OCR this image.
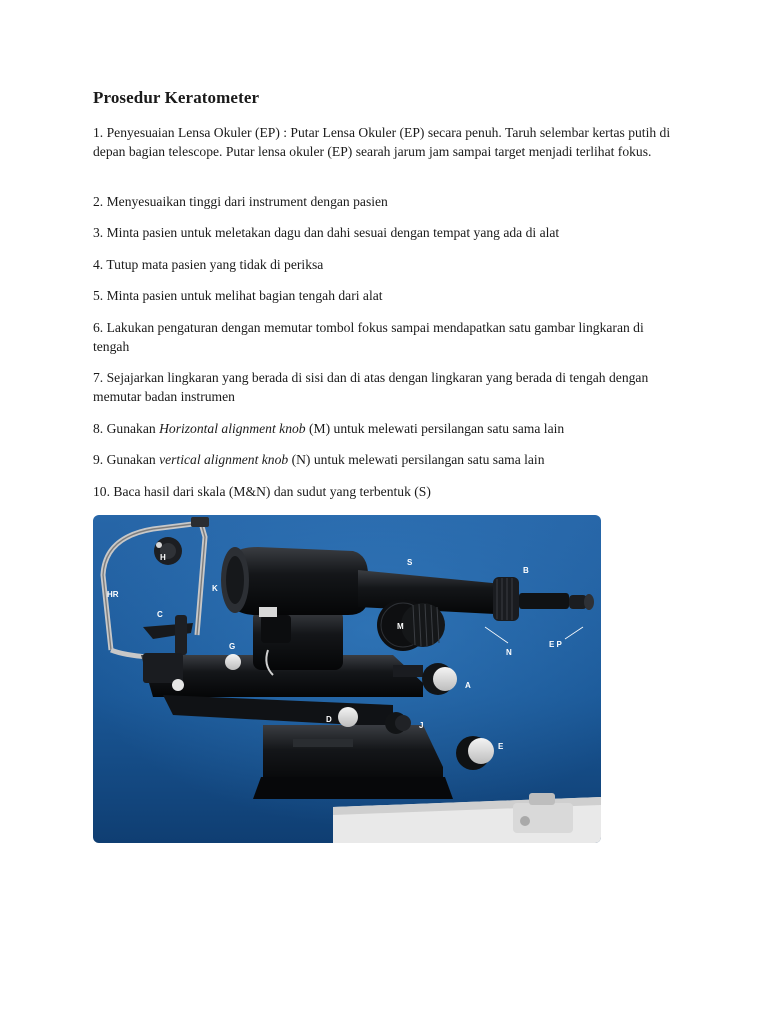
Prosedur Keratometer

1. Penyesuaian Lensa Okuler (EP) : Putar Lensa Okuler (EP) secara penuh. Taruh selembar kertas putih di depan bagian telescope. Putar lensa okuler (EP) searah jarum jam sampai target menjadi terlihat fokus.

2. Menyesuaikan tinggi dari instrument dengan pasien

3. Minta pasien untuk meletakan dagu dan dahi sesuai dengan tempat yang ada di alat

4. Tutup mata pasien yang tidak di periksa

5. Minta pasien untuk melihat bagian tengah dari alat

6. Lakukan pengaturan dengan memutar tombol fokus sampai mendapatkan satu gambar lingkaran di tengah

7. Sejajarkan lingkaran yang berada di sisi dan di atas dengan lingkaran yang berada di tengah dengan memutar badan instrumen

8. Gunakan Horizontal alignment knob (M) untuk melewati persilangan satu sama lain

9. Gunakan vertical alignment knob (N) untuk melewati persilangan satu sama lain

10. Baca hasil dari skala (M&N) dan sudut yang terbentuk (S)

HR
H
K
C
G
S
B
M
N
E P
A
D
J
E
